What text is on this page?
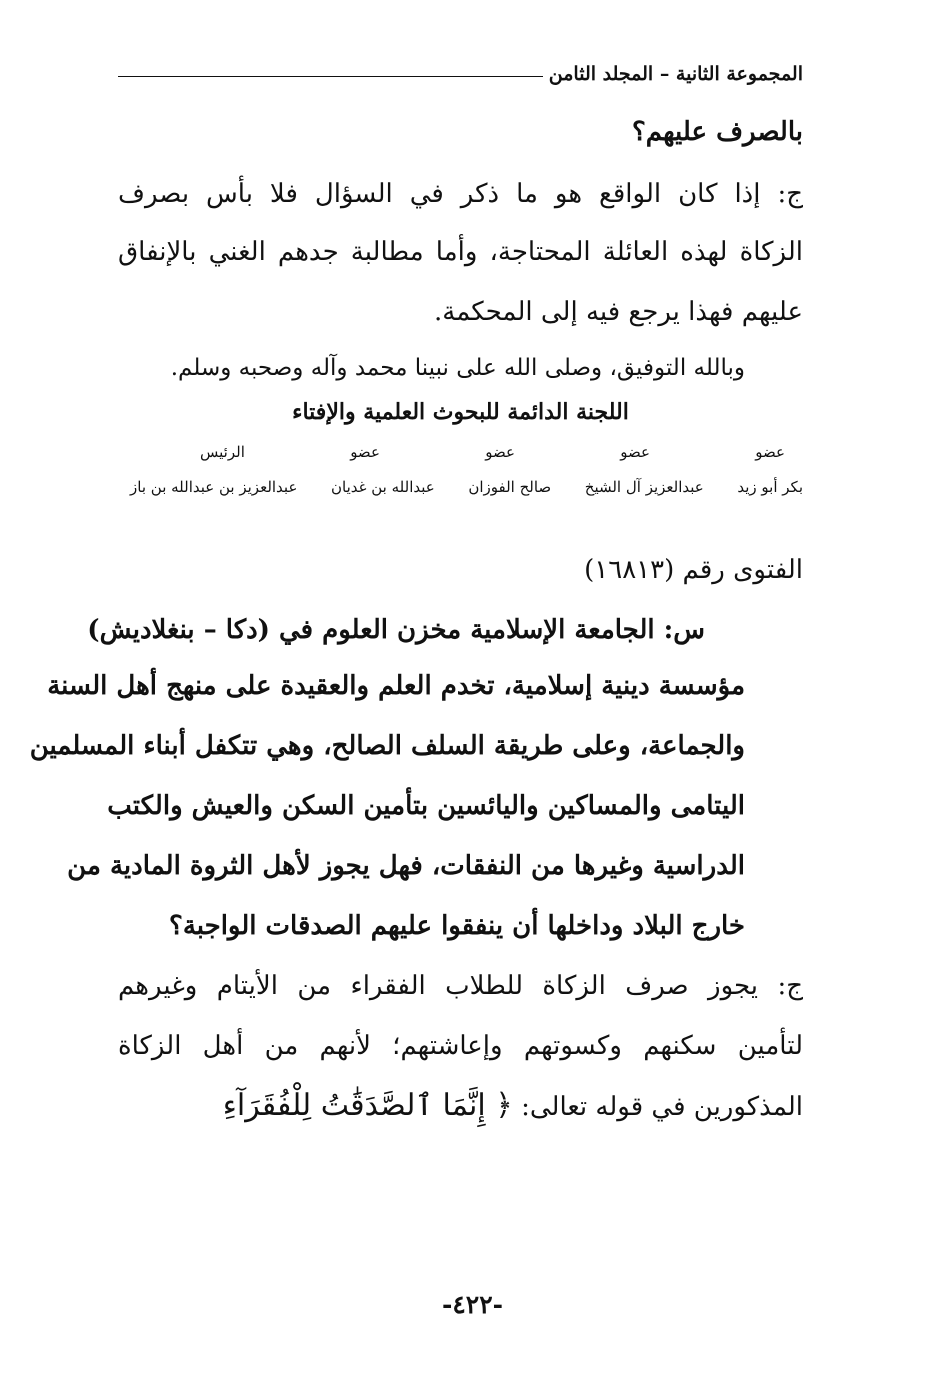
المجموعة الثانية – المجلد الثامن
بالصرف عليهم؟
ج: إذا كان الواقع هو ما ذكر في السؤال فلا بأس بصرف
الزكاة لهذه العائلة المحتاجة، وأما مطالبة جدهم الغني بالإنفاق
عليهم فهذا يرجع فيه إلى المحكمة.
وبالله التوفيق، وصلى الله على نبينا محمد وآله وصحبه وسلم.
اللجنة الدائمة للبحوث العلمية والإفتاء
عضو
عضو
عضو
عضو
الرئيس
بكر أبو زيد
عبدالعزيز آل الشيخ
صالح الفوزان
عبدالله بن غديان
عبدالعزيز بن عبدالله بن باز
الفتوى رقم (١٦٨١٣)
س: الجامعة الإسلامية مخزن العلوم في (دكا – بنغلاديش)
مؤسسة دينية إسلامية، تخدم العلم والعقيدة على منهج أهل السنة
والجماعة، وعلى طريقة السلف الصالح، وهي تتكفل أبناء المسلمين
اليتامى والمساكين واليائسين بتأمين السكن والعيش والكتب
الدراسية وغيرها من النفقات، فهل يجوز لأهل الثروة المادية من
خارج البلاد وداخلها أن ينفقوا عليهم الصدقات الواجبة؟
ج: يجوز صرف الزكاة للطلاب الفقراء من الأيتام وغيرهم
لتأمين سكنهم وكسوتهم وإعاشتهم؛ لأنهم من أهل الزكاة
المذكورين في قوله تعالى: ﴿ إِنَّمَا ٱلصَّدَقَٰتُ لِلْفُقَرَآءِ
-٤٢٢-
